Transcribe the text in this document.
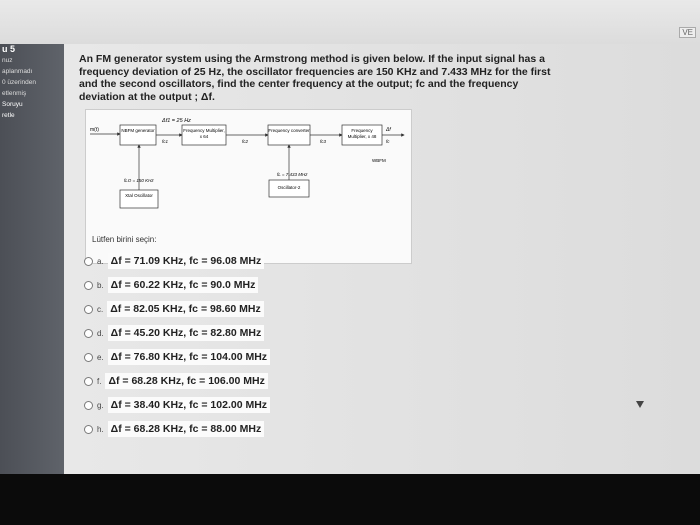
VE
u 5
nuz
aplanmadı
0 üzerinden
etlenmiş
Soruyu
retle
An FM generator system using the Armstrong method is given below. If the input signal has a frequency deviation of 25 Hz, the oscillator frequencies are 150 KHz and 7.433 MHz for the first and the second oscillators, find the center frequency at the output; fc and the frequency deviation at the output ; Δf.
Δf1 = 25 Hz
m(t)	NBFM generator
fc1
Frequency Multiplier, x 64
fc2
Frequency converter
fc3
Frequency Multiplier, x 48
Δf
fc
WBFM
fLO = 150 KHz
Xtal Oscillator
fL = 7.433 MHz
Oscillator-2
Lütfen birini seçin:
a. Δf = 71.09 KHz, fc = 96.08 MHz
b. Δf = 60.22 KHz, fc = 90.0 MHz
c. Δf = 82.05 KHz, fc = 98.60 MHz
d. Δf = 45.20 KHz, fc = 82.80 MHz
e. Δf = 76.80 KHz, fc = 104.00 MHz
f. Δf = 68.28 KHz, fc = 106.00 MHz
g. Δf = 38.40 KHz, fc = 102.00 MHz
h. Δf = 68.28 KHz, fc = 88.00 MHz
